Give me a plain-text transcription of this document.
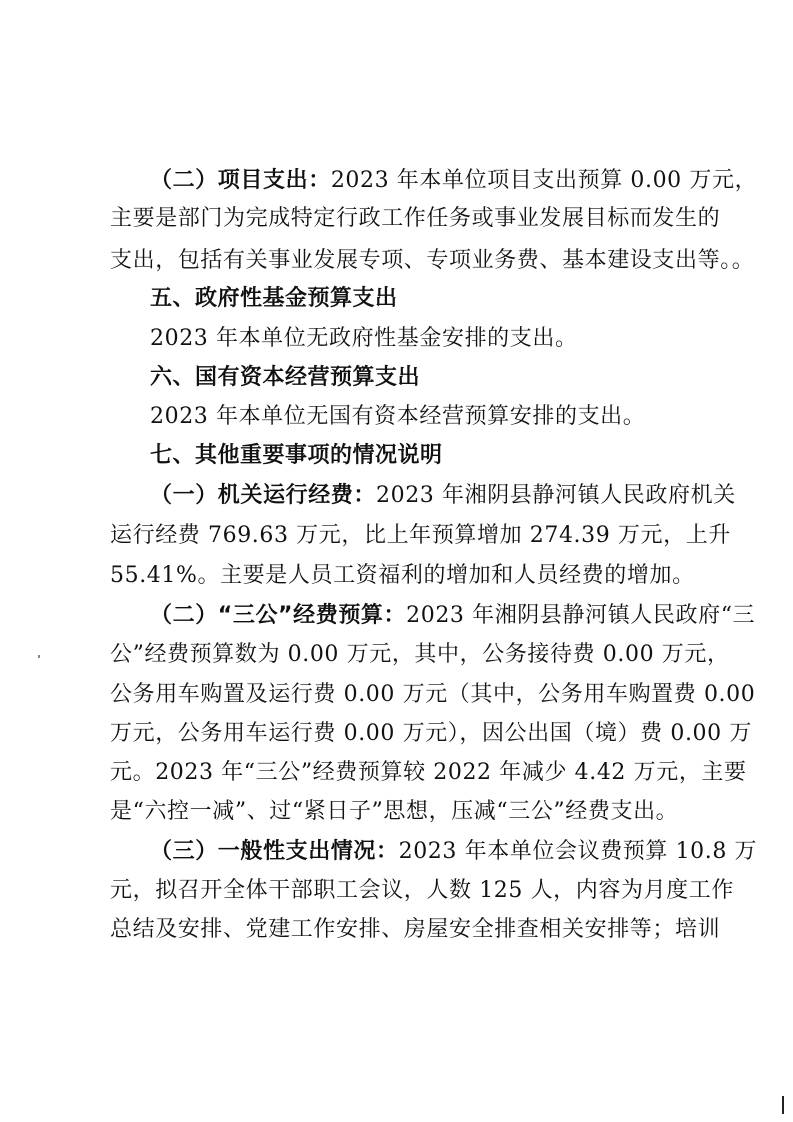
（二）项目支出：2023 年本单位项目支出预算 0.00 万元，
主要是部门为完成特定行政工作任务或事业发展目标而发生的
支出，包括有关事业发展专项、专项业务费、基本建设支出等。。
五、政府性基金预算支出
2023 年本单位无政府性基金安排的支出。
六、国有资本经营预算支出
2023 年本单位无国有资本经营预算安排的支出。
七、其他重要事项的情况说明
（一）机关运行经费：2023 年湘阴县静河镇人民政府机关
运行经费 769.63 万元，比上年预算增加 274.39 万元，上升
55.41%。主要是人员工资福利的增加和人员经费的增加。
（二）“三公”经费预算：2023 年湘阴县静河镇人民政府“三
公”经费预算数为 0.00 万元，其中，公务接待费 0.00 万元，
公务用车购置及运行费 0.00 万元（其中，公务用车购置费 0.00
万元，公务用车运行费 0.00 万元），因公出国（境）费 0.00 万
元。2023 年“三公”经费预算较 2022 年减少 4.42 万元，主要
是“六控一减”、过“紧日子”思想，压减“三公”经费支出。
（三）一般性支出情况：2023 年本单位会议费预算 10.8 万
元，拟召开全体干部职工会议，人数 125 人，内容为月度工作
总结及安排、党建工作安排、房屋安全排查相关安排等；培训
